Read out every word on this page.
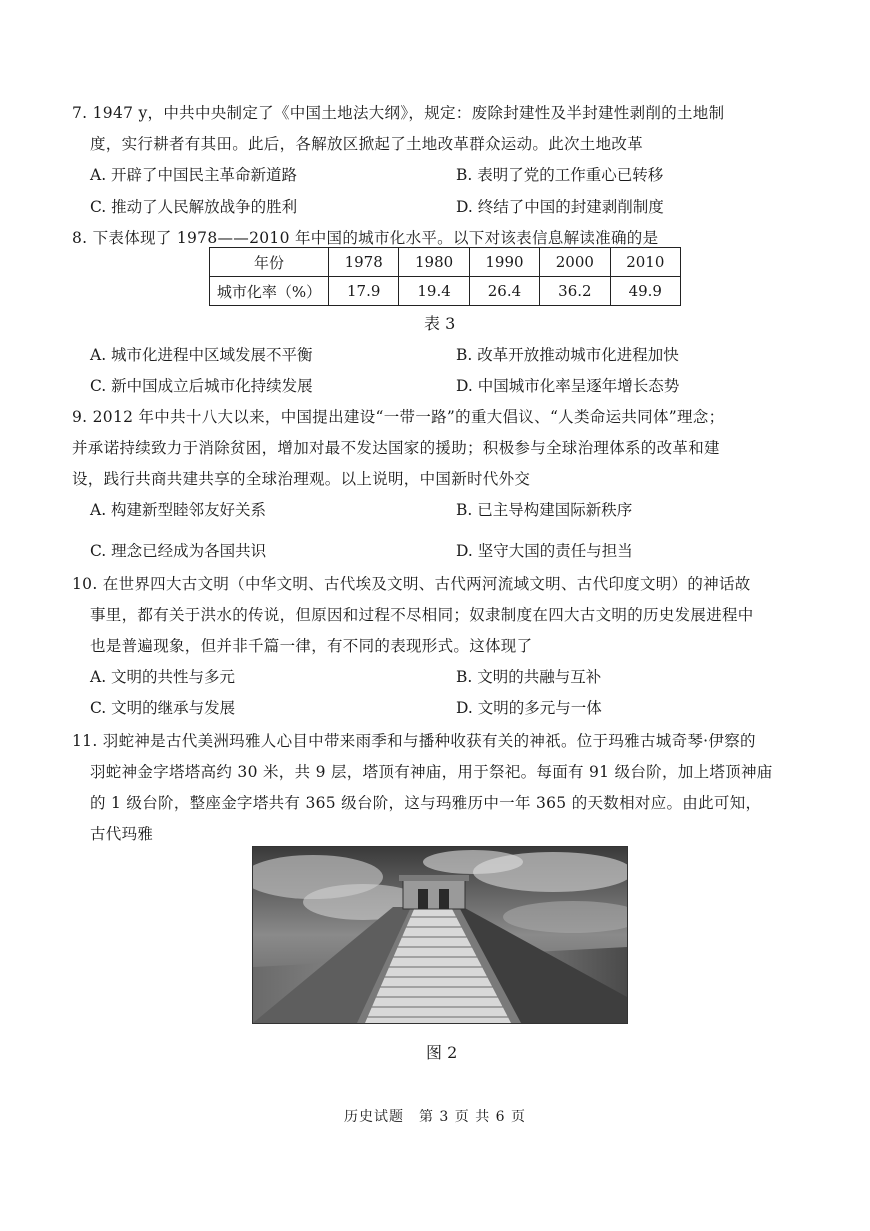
7. 1947 y，中共中央制定了《中国土地法大纲》，规定：废除封建性及半封建性剥削的土地制
度，实行耕者有其田。此后，各解放区掀起了土地改革群众运动。此次土地改革
A. 开辟了中国民主革命新道路	B. 表明了党的工作重心已转移
C. 推动了人民解放战争的胜利	D. 终结了中国的封建剥削制度
8. 下表体现了 1978——2010 年中国的城市化水平。以下对该表信息解读准确的是
年份	1978	1980	1990	2000	2010
城市化率（%）	17.9	19.4	26.4	36.2	49.9
表 3
A. 城市化进程中区域发展不平衡	B. 改革开放推动城市化进程加快
C. 新中国成立后城市化持续发展	D. 中国城市化率呈逐年增长态势
9. 2012 年中共十八大以来，中国提出建设“一带一路”的重大倡议、“人类命运共同体”理念；
并承诺持续致力于消除贫困，增加对最不发达国家的援助；积极参与全球治理体系的改革和建
设，践行共商共建共享的全球治理观。以上说明，中国新时代外交
A. 构建新型睦邻友好关系	B. 已主导构建国际新秩序
C. 理念已经成为各国共识	D. 坚守大国的责任与担当
10. 在世界四大古文明（中华文明、古代埃及文明、古代两河流域文明、古代印度文明）的神话故
事里，都有关于洪水的传说，但原因和过程不尽相同；奴隶制度在四大古文明的历史发展进程中
也是普遍现象，但并非千篇一律，有不同的表现形式。这体现了
A. 文明的共性与多元	B. 文明的共融与互补
C. 文明的继承与发展	D. 文明的多元与一体
11. 羽蛇神是古代美洲玛雅人心目中带来雨季和与播种收获有关的神祇。位于玛雅古城奇琴·伊察的
羽蛇神金字塔塔高约 30 米，共 9 层，塔顶有神庙，用于祭祀。每面有 91 级台阶，加上塔顶神庙
的 1 级台阶，整座金字塔共有 365 级台阶，这与玛雅历中一年 365 的天数相对应。由此可知，
古代玛雅
图 2
历史试题　第 3 页 共 6 页
